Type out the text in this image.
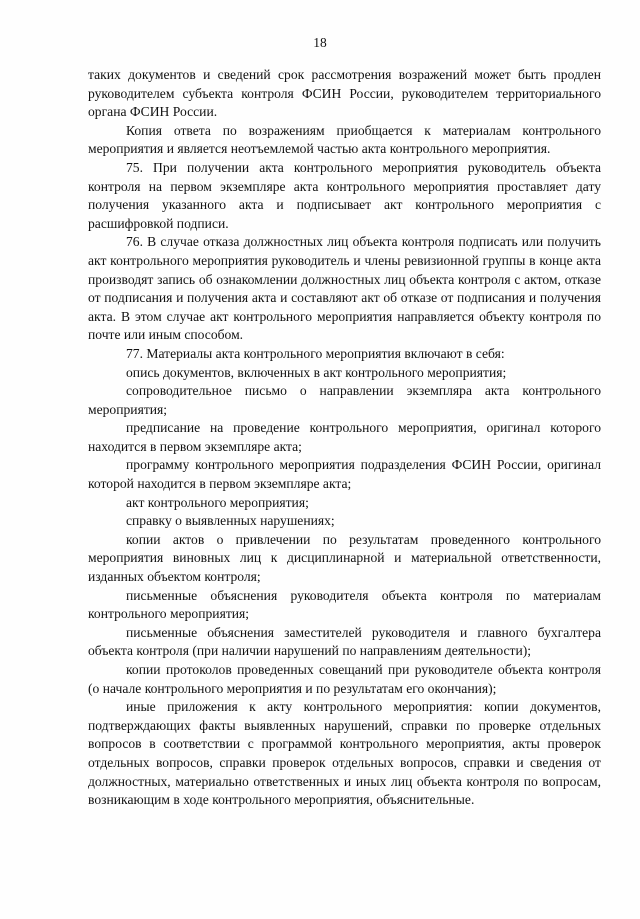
18

таких документов и сведений срок рассмотрения возражений может быть продлен руководителем субъекта контроля ФСИН России, руководителем территориального органа ФСИН России.

Копия ответа по возражениям приобщается к материалам контрольного мероприятия и является неотъемлемой частью акта контрольного мероприятия.

75. При получении акта контрольного мероприятия руководитель объекта контроля на первом экземпляре акта контрольного мероприятия проставляет дату получения указанного акта и подписывает акт контрольного мероприятия с расшифровкой подписи.

76. В случае отказа должностных лиц объекта контроля подписать или получить акт контрольного мероприятия руководитель и члены ревизионной группы в конце акта производят запись об ознакомлении должностных лиц объекта контроля с актом, отказе от подписания и получения акта и составляют акт об отказе от подписания и получения акта. В этом случае акт контрольного мероприятия направляется объекту контроля по почте или иным способом.

77. Материалы акта контрольного мероприятия включают в себя:

опись документов, включенных в акт контрольного мероприятия;

сопроводительное письмо о направлении экземпляра акта контрольного мероприятия;

предписание на проведение контрольного мероприятия, оригинал которого находится в первом экземпляре акта;

программу контрольного мероприятия подразделения ФСИН России, оригинал которой находится в первом экземпляре акта;

акт контрольного мероприятия;

справку о выявленных нарушениях;

копии актов о привлечении по результатам проведенного контрольного мероприятия виновных лиц к дисциплинарной и материальной ответственности, изданных объектом контроля;

письменные объяснения руководителя объекта контроля по материалам контрольного мероприятия;

письменные объяснения заместителей руководителя и главного бухгалтера объекта контроля (при наличии нарушений по направлениям деятельности);

копии протоколов проведенных совещаний при руководителе объекта контроля (о начале контрольного мероприятия и по результатам его окончания);

иные приложения к акту контрольного мероприятия: копии документов, подтверждающих факты выявленных нарушений, справки по проверке отдельных вопросов в соответствии с программой контрольного мероприятия, акты проверок отдельных вопросов, справки проверок отдельных вопросов, справки и сведения от должностных, материально ответственных и иных лиц объекта контроля по вопросам, возникающим в ходе контрольного мероприятия, объяснительные.
